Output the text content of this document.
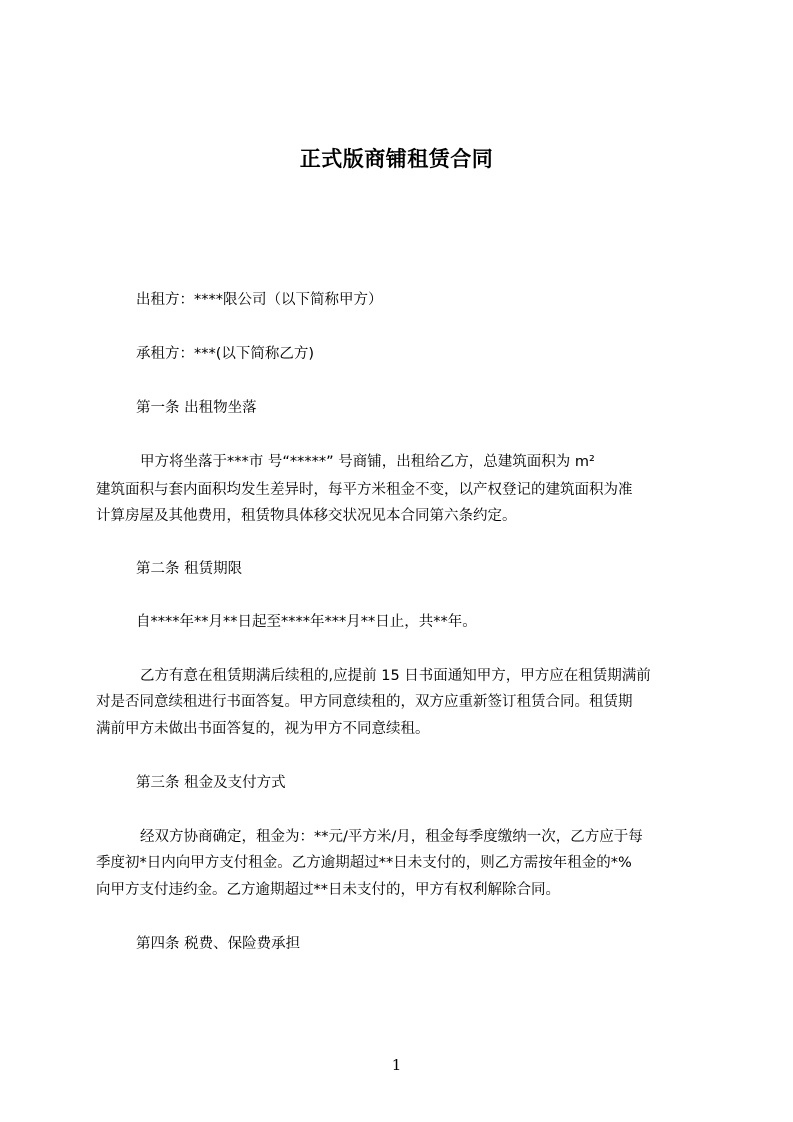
正式版商铺租赁合同
出租方：****限公司（以下简称甲方）
承租方：***(以下简称乙方)
第一条 出租物坐落
甲方将坐落于***市 号“*****” 号商铺，出租给乙方，总建筑面积为 m²
建筑面积与套内面积均发生差异时，每平方米租金不变，以产权登记的建筑面积为准
计算房屋及其他费用，租赁物具体移交状况见本合同第六条约定。
第二条 租赁期限
自****年**月**日起至****年***月**日止，共**年。
乙方有意在租赁期满后续租的,应提前 15 日书面通知甲方，甲方应在租赁期满前
对是否同意续租进行书面答复。甲方同意续租的，双方应重新签订租赁合同。租赁期
满前甲方未做出书面答复的，视为甲方不同意续租。
第三条 租金及支付方式
经双方协商确定，租金为：**元/平方米/月，租金每季度缴纳一次，乙方应于每
季度初*日内向甲方支付租金。乙方逾期超过**日未支付的，则乙方需按年租金的*%
向甲方支付违约金。乙方逾期超过**日未支付的，甲方有权利解除合同。
第四条 税费、保险费承担
1
